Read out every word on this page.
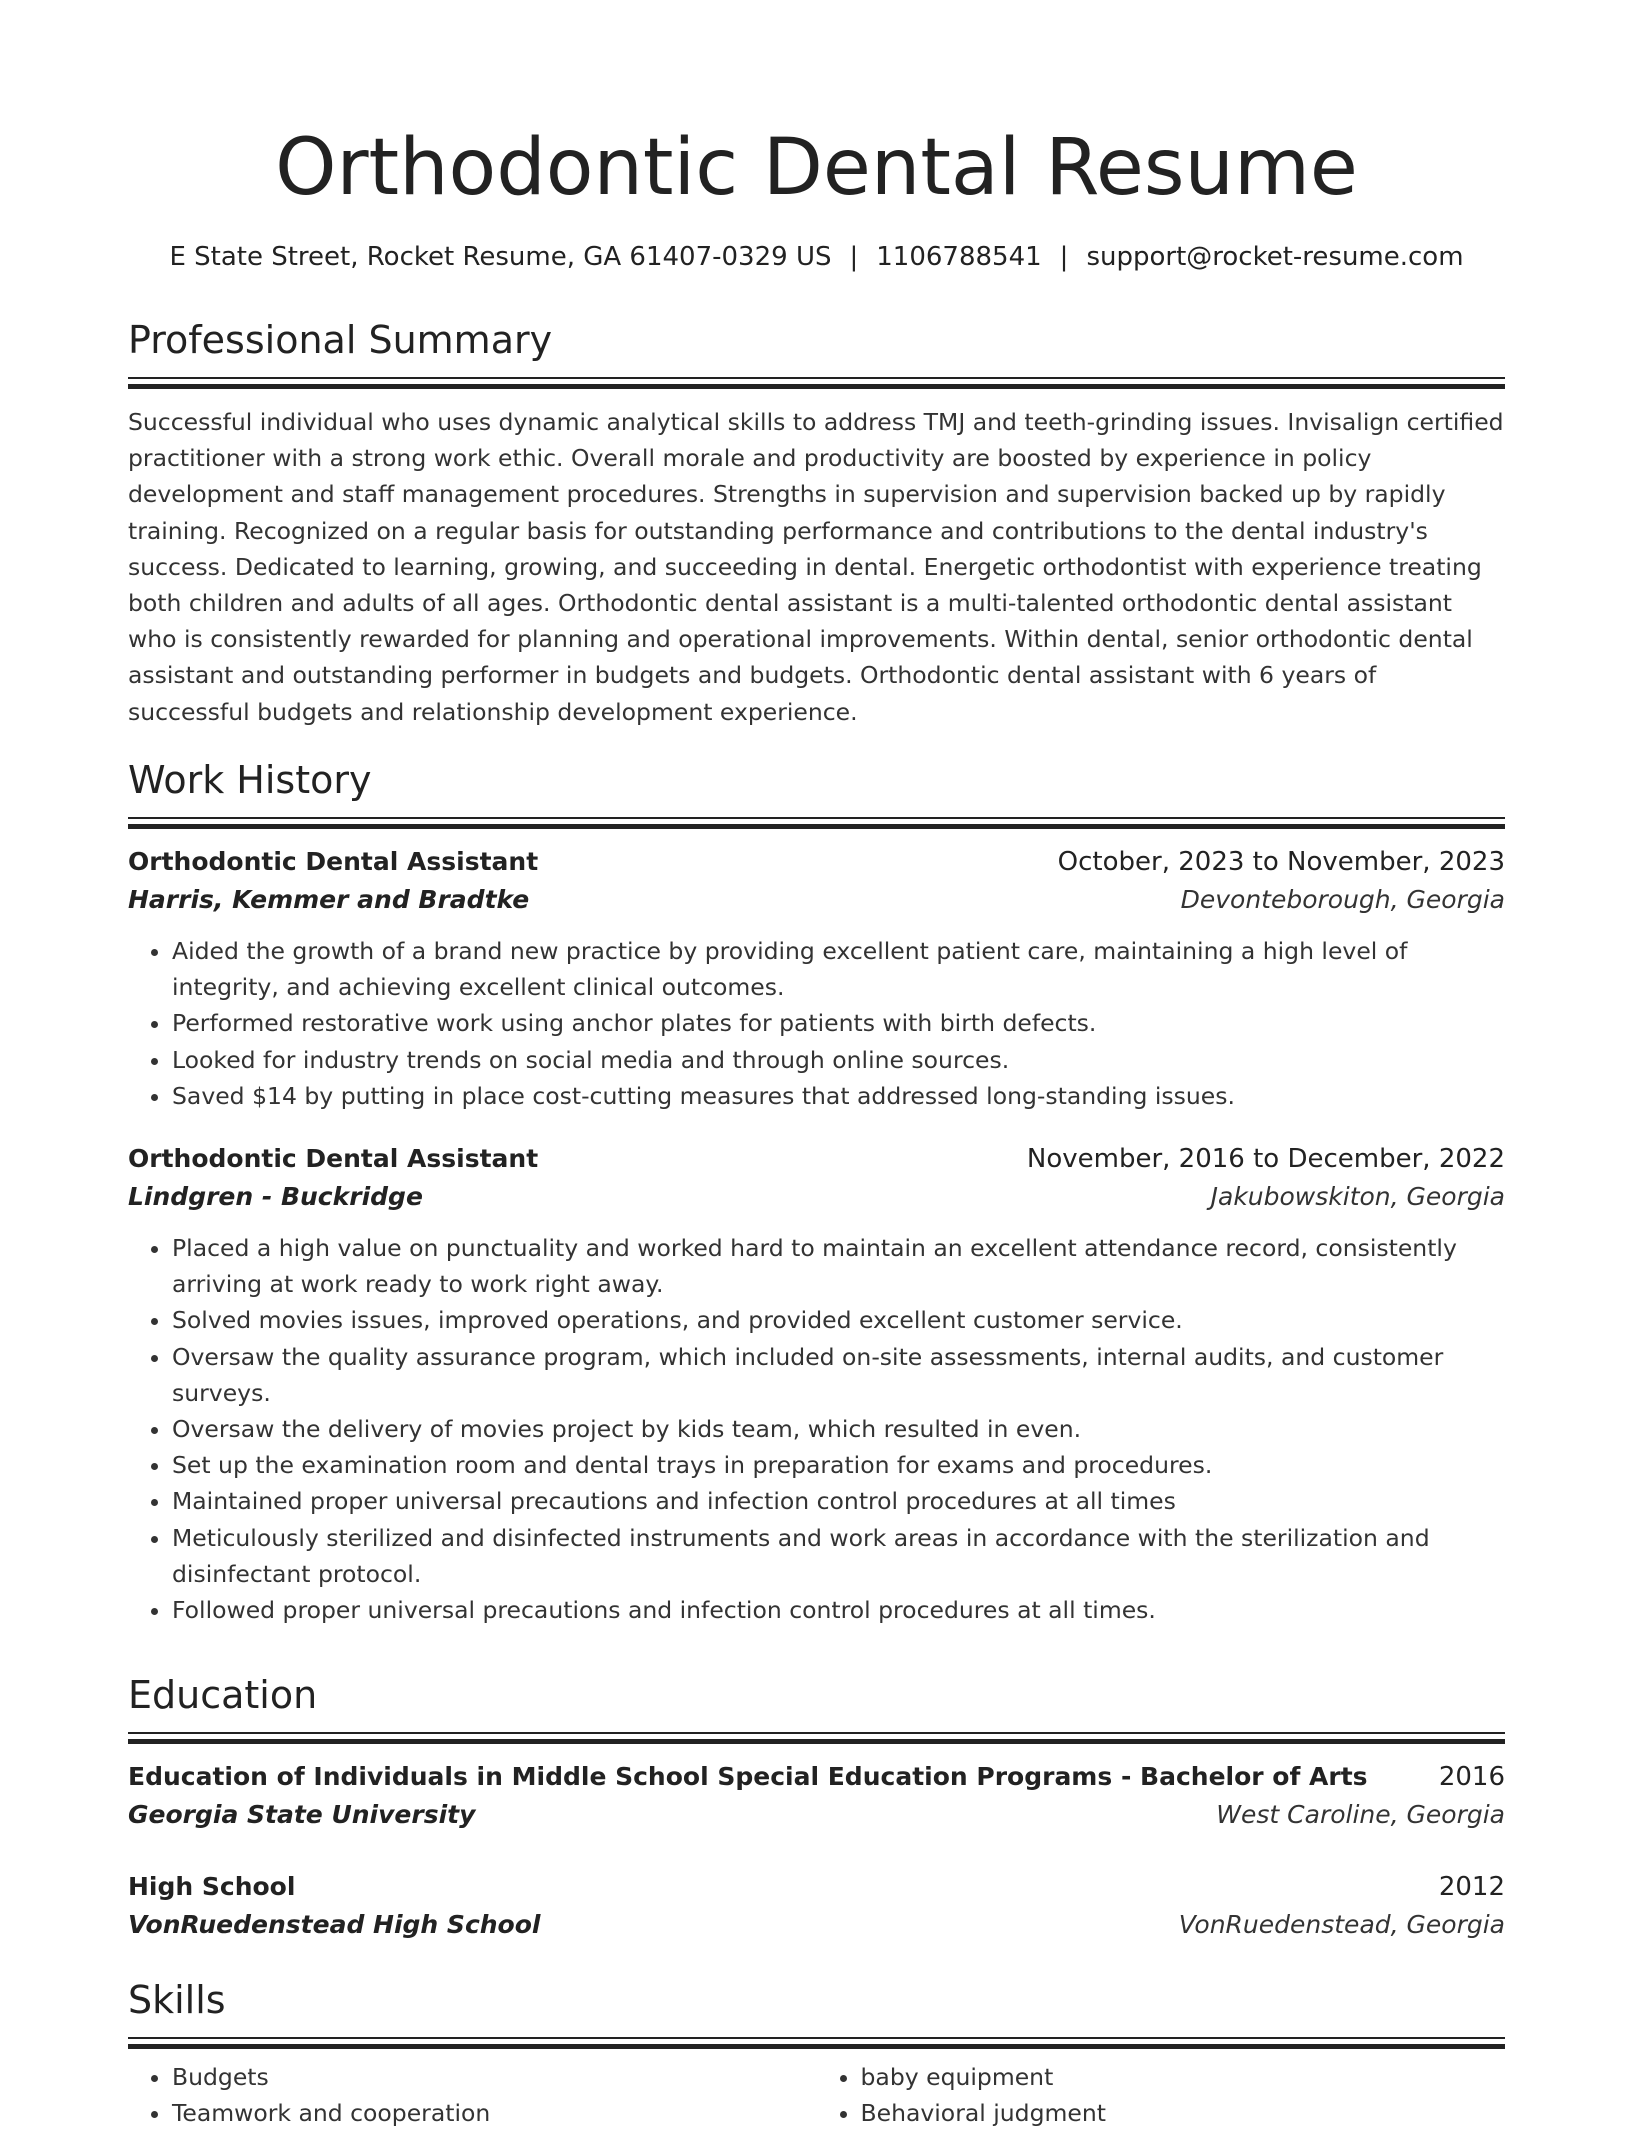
Orthodontic Dental Resume
E State Street, Rocket Resume, GA 61407-0329 US | 1106788541 | support@rocket-resume.com
Professional Summary
Successful individual who uses dynamic analytical skills to address TMJ and teeth-grinding issues. Invisalign certified practitioner with a strong work ethic. Overall morale and productivity are boosted by experience in policy development and staff management procedures. Strengths in supervision and supervision backed up by rapidly training. Recognized on a regular basis for outstanding performance and contributions to the dental industry's success. Dedicated to learning, growing, and succeeding in dental. Energetic orthodontist with experience treating both children and adults of all ages. Orthodontic dental assistant is a multi-talented orthodontic dental assistant who is consistently rewarded for planning and operational improvements. Within dental, senior orthodontic dental assistant and outstanding performer in budgets and budgets. Orthodontic dental assistant with 6 years of successful budgets and relationship development experience.
Work History
Orthodontic Dental Assistant	October, 2023 to November, 2023
Harris, Kemmer and Bradtke	Devonteborough, Georgia
• Aided the growth of a brand new practice by providing excellent patient care, maintaining a high level of integrity, and achieving excellent clinical outcomes.
• Performed restorative work using anchor plates for patients with birth defects.
• Looked for industry trends on social media and through online sources.
• Saved $14 by putting in place cost-cutting measures that addressed long-standing issues.
Orthodontic Dental Assistant	November, 2016 to December, 2022
Lindgren - Buckridge	Jakubowskiton, Georgia
• Placed a high value on punctuality and worked hard to maintain an excellent attendance record, consistently arriving at work ready to work right away.
• Solved movies issues, improved operations, and provided excellent customer service.
• Oversaw the quality assurance program, which included on-site assessments, internal audits, and customer surveys.
• Oversaw the delivery of movies project by kids team, which resulted in even.
• Set up the examination room and dental trays in preparation for exams and procedures.
• Maintained proper universal precautions and infection control procedures at all times
• Meticulously sterilized and disinfected instruments and work areas in accordance with the sterilization and disinfectant protocol.
• Followed proper universal precautions and infection control procedures at all times.
Education
Education of Individuals in Middle School Special Education Programs - Bachelor of Arts	2016
Georgia State University	West Caroline, Georgia
High School	2012
VonRuedenstead High School	VonRuedenstead, Georgia
Skills
• Budgets
• Teamwork and cooperation
• baby equipment
• Behavioral judgment
